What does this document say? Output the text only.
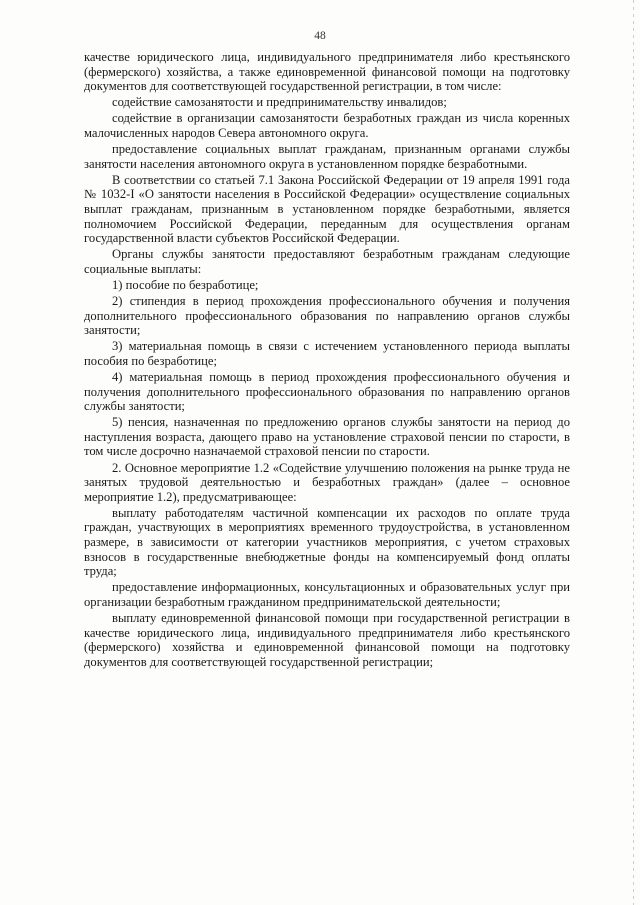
48

качестве юридического лица, индивидуального предпринимателя либо крестьянского (фермерского) хозяйства, а также единовременной финансовой помощи на подготовку документов для соответствующей государственной регистрации, в том числе:

содействие самозанятости и предпринимательству инвалидов;

содействие в организации самозанятости безработных граждан из числа коренных малочисленных народов Севера автономного округа.

предоставление социальных выплат гражданам, признанным органами службы занятости населения автономного округа в установленном порядке безработными.

В соответствии со статьей 7.1 Закона Российской Федерации от 19 апреля 1991 года № 1032-I «О занятости населения в Российской Федерации» осуществление социальных выплат гражданам, признанным в установленном порядке безработными, является полномочием Российской Федерации, переданным для осуществления органам государственной власти субъектов Российской Федерации.

Органы службы занятости предоставляют безработным гражданам следующие социальные выплаты:

1) пособие по безработице;

2) стипендия в период прохождения профессионального обучения и получения дополнительного профессионального образования по направлению органов службы занятости;

3) материальная помощь в связи с истечением установленного периода выплаты пособия по безработице;

4) материальная помощь в период прохождения профессионального обучения и получения дополнительного профессионального образования по направлению органов службы занятости;

5) пенсия, назначенная по предложению органов службы занятости на период до наступления возраста, дающего право на установление страховой пенсии по старости, в том числе досрочно назначаемой страховой пенсии по старости.

2. Основное мероприятие 1.2 «Содействие улучшению положения на рынке труда не занятых трудовой деятельностью и безработных граждан» (далее – основное мероприятие 1.2), предусматривающее:

выплату работодателям частичной компенсации их расходов по оплате труда граждан, участвующих в мероприятиях временного трудоустройства, в установленном размере, в зависимости от категории участников мероприятия, с учетом страховых взносов в государственные внебюджетные фонды на компенсируемый фонд оплаты труда;

предоставление информационных, консультационных и образовательных услуг при организации безработным гражданином предпринимательской деятельности;

выплату единовременной финансовой помощи при государственной регистрации в качестве юридического лица, индивидуального предпринимателя либо крестьянского (фермерского) хозяйства и единовременной финансовой помощи на подготовку документов для соответствующей государственной регистрации;
